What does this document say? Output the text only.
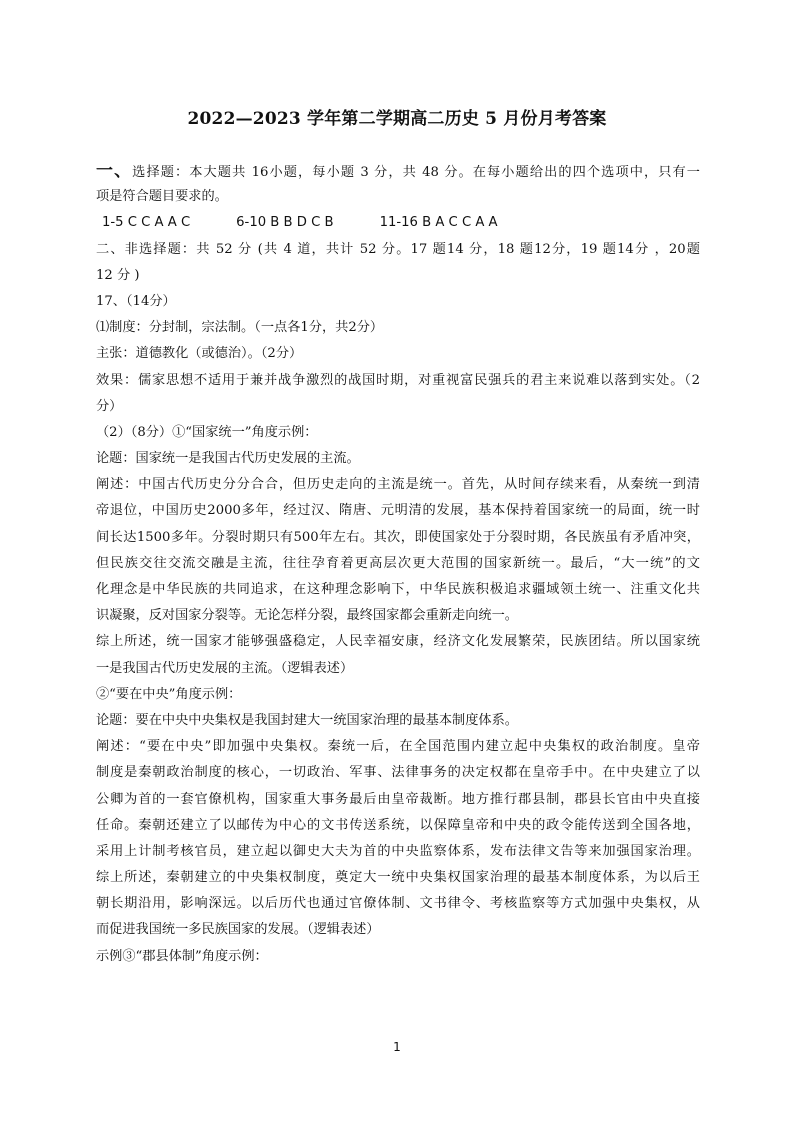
2022—2023 学年第二学期高二历史 5 月份月考答案
一、选择题：本大题共 16小题，每小题 3 分，共 48 分。在每小题给出的四个选项中，只有一
项是符合题目要求的。
1-5 C C A A C	6-10 B B D C B	11-16 B A C C A A
二、非选择题：共 52 分 (共 4 道，共计 52 分。17 题14 分，18 题12分，19 题14分 ，20题
12 分 )
17、（14分）
⑴制度：分封制，宗法制。（一点各1分，共2分）
主张：道德教化（或德治）。（2分）
效果：儒家思想不适用于兼并战争激烈的战国时期，对重视富民强兵的君主来说难以落到实处。（2
分）
（2）（8分）①“国家统一”角度示例：
论题：国家统一是我国古代历史发展的主流。
阐述：中国古代历史分分合合，但历史走向的主流是统一。首先，从时间存续来看，从秦统一到清
帝退位，中国历史2000多年，经过汉、隋唐、元明清的发展，基本保持着国家统一的局面，统一时
间长达1500多年。分裂时期只有500年左右。其次，即使国家处于分裂时期，各民族虽有矛盾冲突，
但民族交往交流交融是主流，往往孕育着更高层次更大范围的国家新统一。最后，“大一统”的文
化理念是中华民族的共同追求，在这种理念影响下，中华民族积极追求疆域领土统一、注重文化共
识凝聚，反对国家分裂等。无论怎样分裂，最终国家都会重新走向统一。
综上所述，统一国家才能够强盛稳定，人民幸福安康，经济文化发展繁荣，民族团结。所以国家统
一是我国古代历史发展的主流。（逻辑表述）
②“要在中央”角度示例：
论题：要在中央中央集权是我国封建大一统国家治理的最基本制度体系。
阐述：“要在中央”即加强中央集权。秦统一后，在全国范围内建立起中央集权的政治制度。皇帝
制度是秦朝政治制度的核心，一切政治、军事、法律事务的决定权都在皇帝手中。在中央建立了以
公卿为首的一套官僚机构，国家重大事务最后由皇帝裁断。地方推行郡县制，郡县长官由中央直接
任命。秦朝还建立了以邮传为中心的文书传送系统，以保障皇帝和中央的政令能传送到全国各地，
采用上计制考核官员，建立起以御史大夫为首的中央监察体系，发布法律文告等来加强国家治理。
综上所述，秦朝建立的中央集权制度，奠定大一统中央集权国家治理的最基本制度体系，为以后王
朝长期沿用，影响深远。以后历代也通过官僚体制、文书律令、考核监察等方式加强中央集权，从
而促进我国统一多民族国家的发展。（逻辑表述）
示例③“郡县体制”角度示例：
1
